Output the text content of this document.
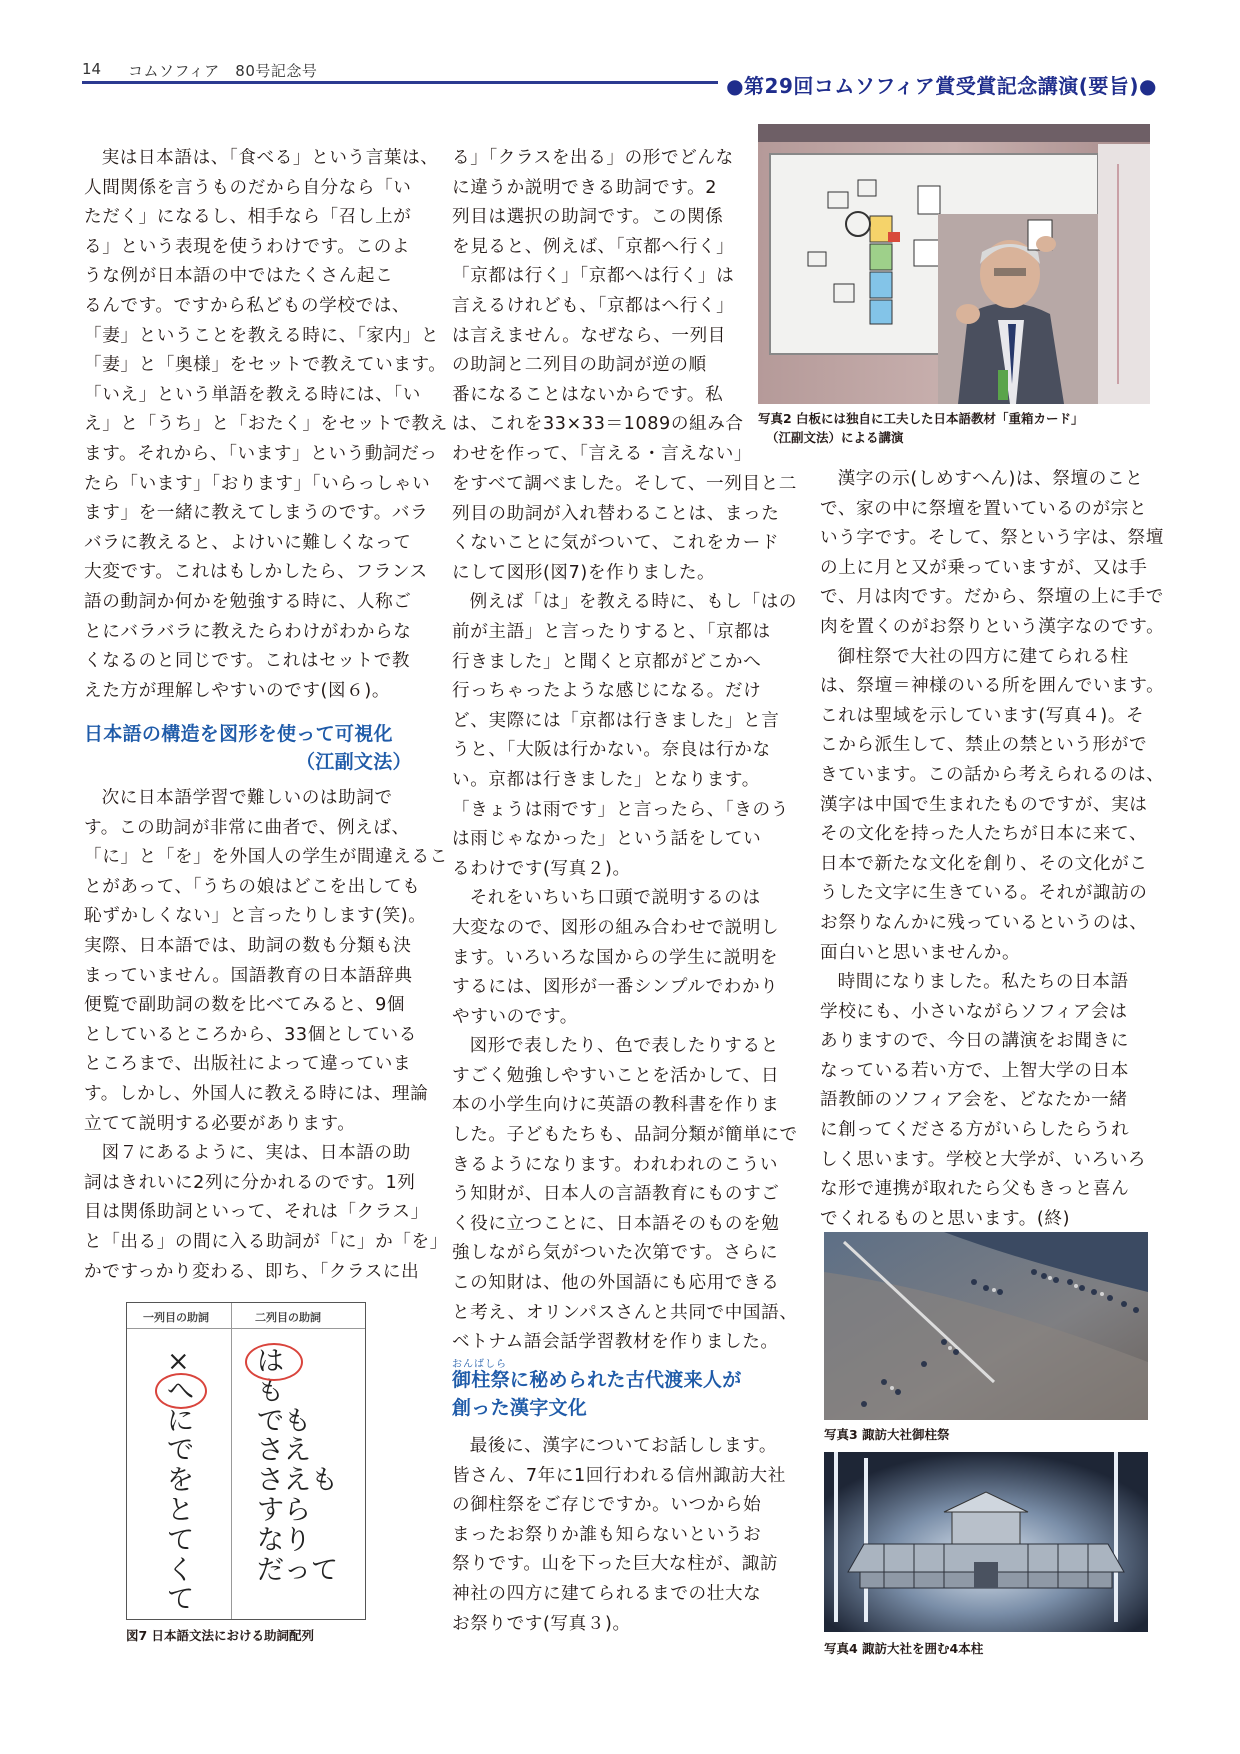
14 コムソフィア　80号記念号
●第29回コムソフィア賞受賞記念講演(要旨)●

実は日本語は、「食べる」という言葉は、

人間関係を言うものだから自分なら「い

ただく」になるし、相手なら「召し上が

る」という表現を使うわけです。このよ

うな例が日本語の中ではたくさん起こ

るんです。ですから私どもの学校では、

「妻」ということを教える時に、「家内」と

「妻」と「奥様」をセットで教えています。

「いえ」という単語を教える時には、「い

え」と「うち」と「おたく」をセットで教え

ます。それから、「います」という動詞だっ

たら「います」「おります」「いらっしゃい

ます」を一緒に教えてしまうのです。バラ

バラに教えると、よけいに難しくなって

大変です。これはもしかしたら、フランス

語の動詞か何かを勉強する時に、人称ご

とにバラバラに教えたらわけがわからな

くなるのと同じです。これはセットで教

えた方が理解しやすいのです(図６)。

日本語の構造を図形を使って可視化
（江副文法）

次に日本語学習で難しいのは助詞で

す。この助詞が非常に曲者で、例えば、

「に」と「を」を外国人の学生が間違えるこ

とがあって、「うちの娘はどこを出しても

恥ずかしくない」と言ったりします(笑)。

実際、日本語では、助詞の数も分類も決

まっていません。国語教育の日本語辞典

便覧で副助詞の数を比べてみると、9個

としているところから、33個としている

ところまで、出版社によって違っていま

す。しかし、外国人に教える時には、理論

立てて説明する必要があります。

図７にあるように、実は、日本語の助

詞はきれいに2列に分かれるのです。1列

目は関係助詞といって、それは「クラス」

と「出る」の間に入る助詞が「に」か「を」

かですっかり変わる、即ち、「クラスに出

一列目の助詞	二列目の助詞
×
へ
に
で
を
と
て
く
て
は
も
でも
さえ
さえも
すら
なり
だって
図7 日本語文法における助詞配列

る」「クラスを出る」の形でどんな

に違うか説明できる助詞です。2

列目は選択の助詞です。この関係

を見ると、例えば、「京都へ行く」

「京都は行く」「京都へは行く」は

言えるけれども、「京都はへ行く」

は言えません。なぜなら、一列目

の助詞と二列目の助詞が逆の順

番になることはないからです。私

は、これを33×33＝1089の組み合

わせを作って、「言える・言えない」

をすべて調べました。そして、一列目と二

列目の助詞が入れ替わることは、まった

くないことに気がついて、これをカード

にして図形(図7)を作りました。

例えば「は」を教える時に、もし「はの

前が主語」と言ったりすると、「京都は

行きました」と聞くと京都がどこかへ

行っちゃったような感じになる。だけ

ど、実際には「京都は行きました」と言

うと、「大阪は行かない。奈良は行かな

い。京都は行きました」となります。

「きょうは雨です」と言ったら、「きのう

は雨じゃなかった」という話をしてい

るわけです(写真２)。

それをいちいち口頭で説明するのは

大変なので、図形の組み合わせで説明し

ます。いろいろな国からの学生に説明を

するには、図形が一番シンプルでわかり

やすいのです。

図形で表したり、色で表したりすると

すごく勉強しやすいことを活かして、日

本の小学生向けに英語の教科書を作りま

した。子どもたちも、品詞分類が簡単にで

きるようになります。われわれのこうい

う知財が、日本人の言語教育にものすご

く役に立つことに、日本語そのものを勉

強しながら気がついた次第です。さらに

この知財は、他の外国語にも応用できる

と考え、オリンパスさんと共同で中国語、

ベトナム語会話学習教材を作りました。

おんばしら
御柱祭に秘められた古代渡来人が
創った漢字文化

最後に、漢字についてお話しします。

皆さん、7年に1回行われる信州諏訪大社

の御柱祭をご存じですか。いつから始

まったお祭りか誰も知らないというお

祭りです。山を下った巨大な柱が、諏訪

神社の四方に建てられるまでの壮大な

お祭りです(写真３)。

写真2 白板には独自に工夫した日本語教材「重箱カード」
（江副文法）による講演

漢字の示(しめすへん)は、祭壇のこと

で、家の中に祭壇を置いているのが宗と

いう字です。そして、祭という字は、祭壇

の上に月と又が乗っていますが、又は手

で、月は肉です。だから、祭壇の上に手で

肉を置くのがお祭りという漢字なのです。

御柱祭で大社の四方に建てられる柱

は、祭壇＝神様のいる所を囲んでいます。

これは聖域を示しています(写真４)。そ

こから派生して、禁止の禁という形がで

きています。この話から考えられるのは、

漢字は中国で生まれたものですが、実は

その文化を持った人たちが日本に来て、

日本で新たな文化を創り、その文化がこ

うした文字に生きている。それが諏訪の

お祭りなんかに残っているというのは、

面白いと思いませんか。

時間になりました。私たちの日本語

学校にも、小さいながらソフィア会は

ありますので、今日の講演をお聞きに

なっている若い方で、上智大学の日本

語教師のソフィア会を、どなたか一緒

に創ってくださる方がいらしたらうれ

しく思います。学校と大学が、いろいろ

な形で連携が取れたら父もきっと喜ん

でくれるものと思います。(終)

写真3 諏訪大社御柱祭
写真4 諏訪大社を囲む4本柱
